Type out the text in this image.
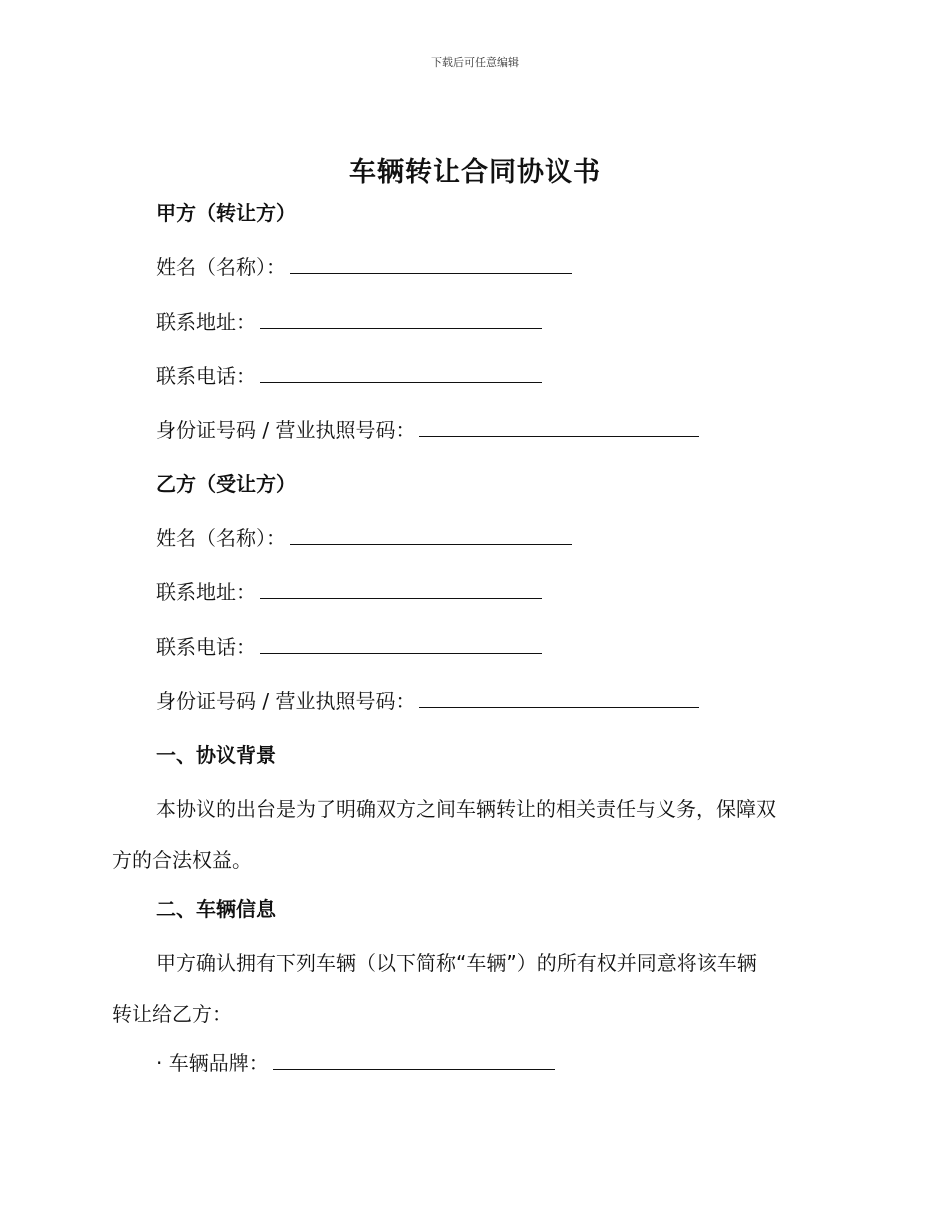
下载后可任意编辑
车辆转让合同协议书
甲方（转让方）
姓名（名称）：
联系地址：
联系电话：
身份证号码 / 营业执照号码：
乙方（受让方）
姓名（名称）：
联系地址：
联系电话：
身份证号码 / 营业执照号码：
一、协议背景
本协议的出台是为了明确双方之间车辆转让的相关责任与义务，保障双
方的合法权益。
二、车辆信息
甲方确认拥有下列车辆（以下简称“车辆”）的所有权并同意将该车辆
转让给乙方：
· 车辆品牌：
